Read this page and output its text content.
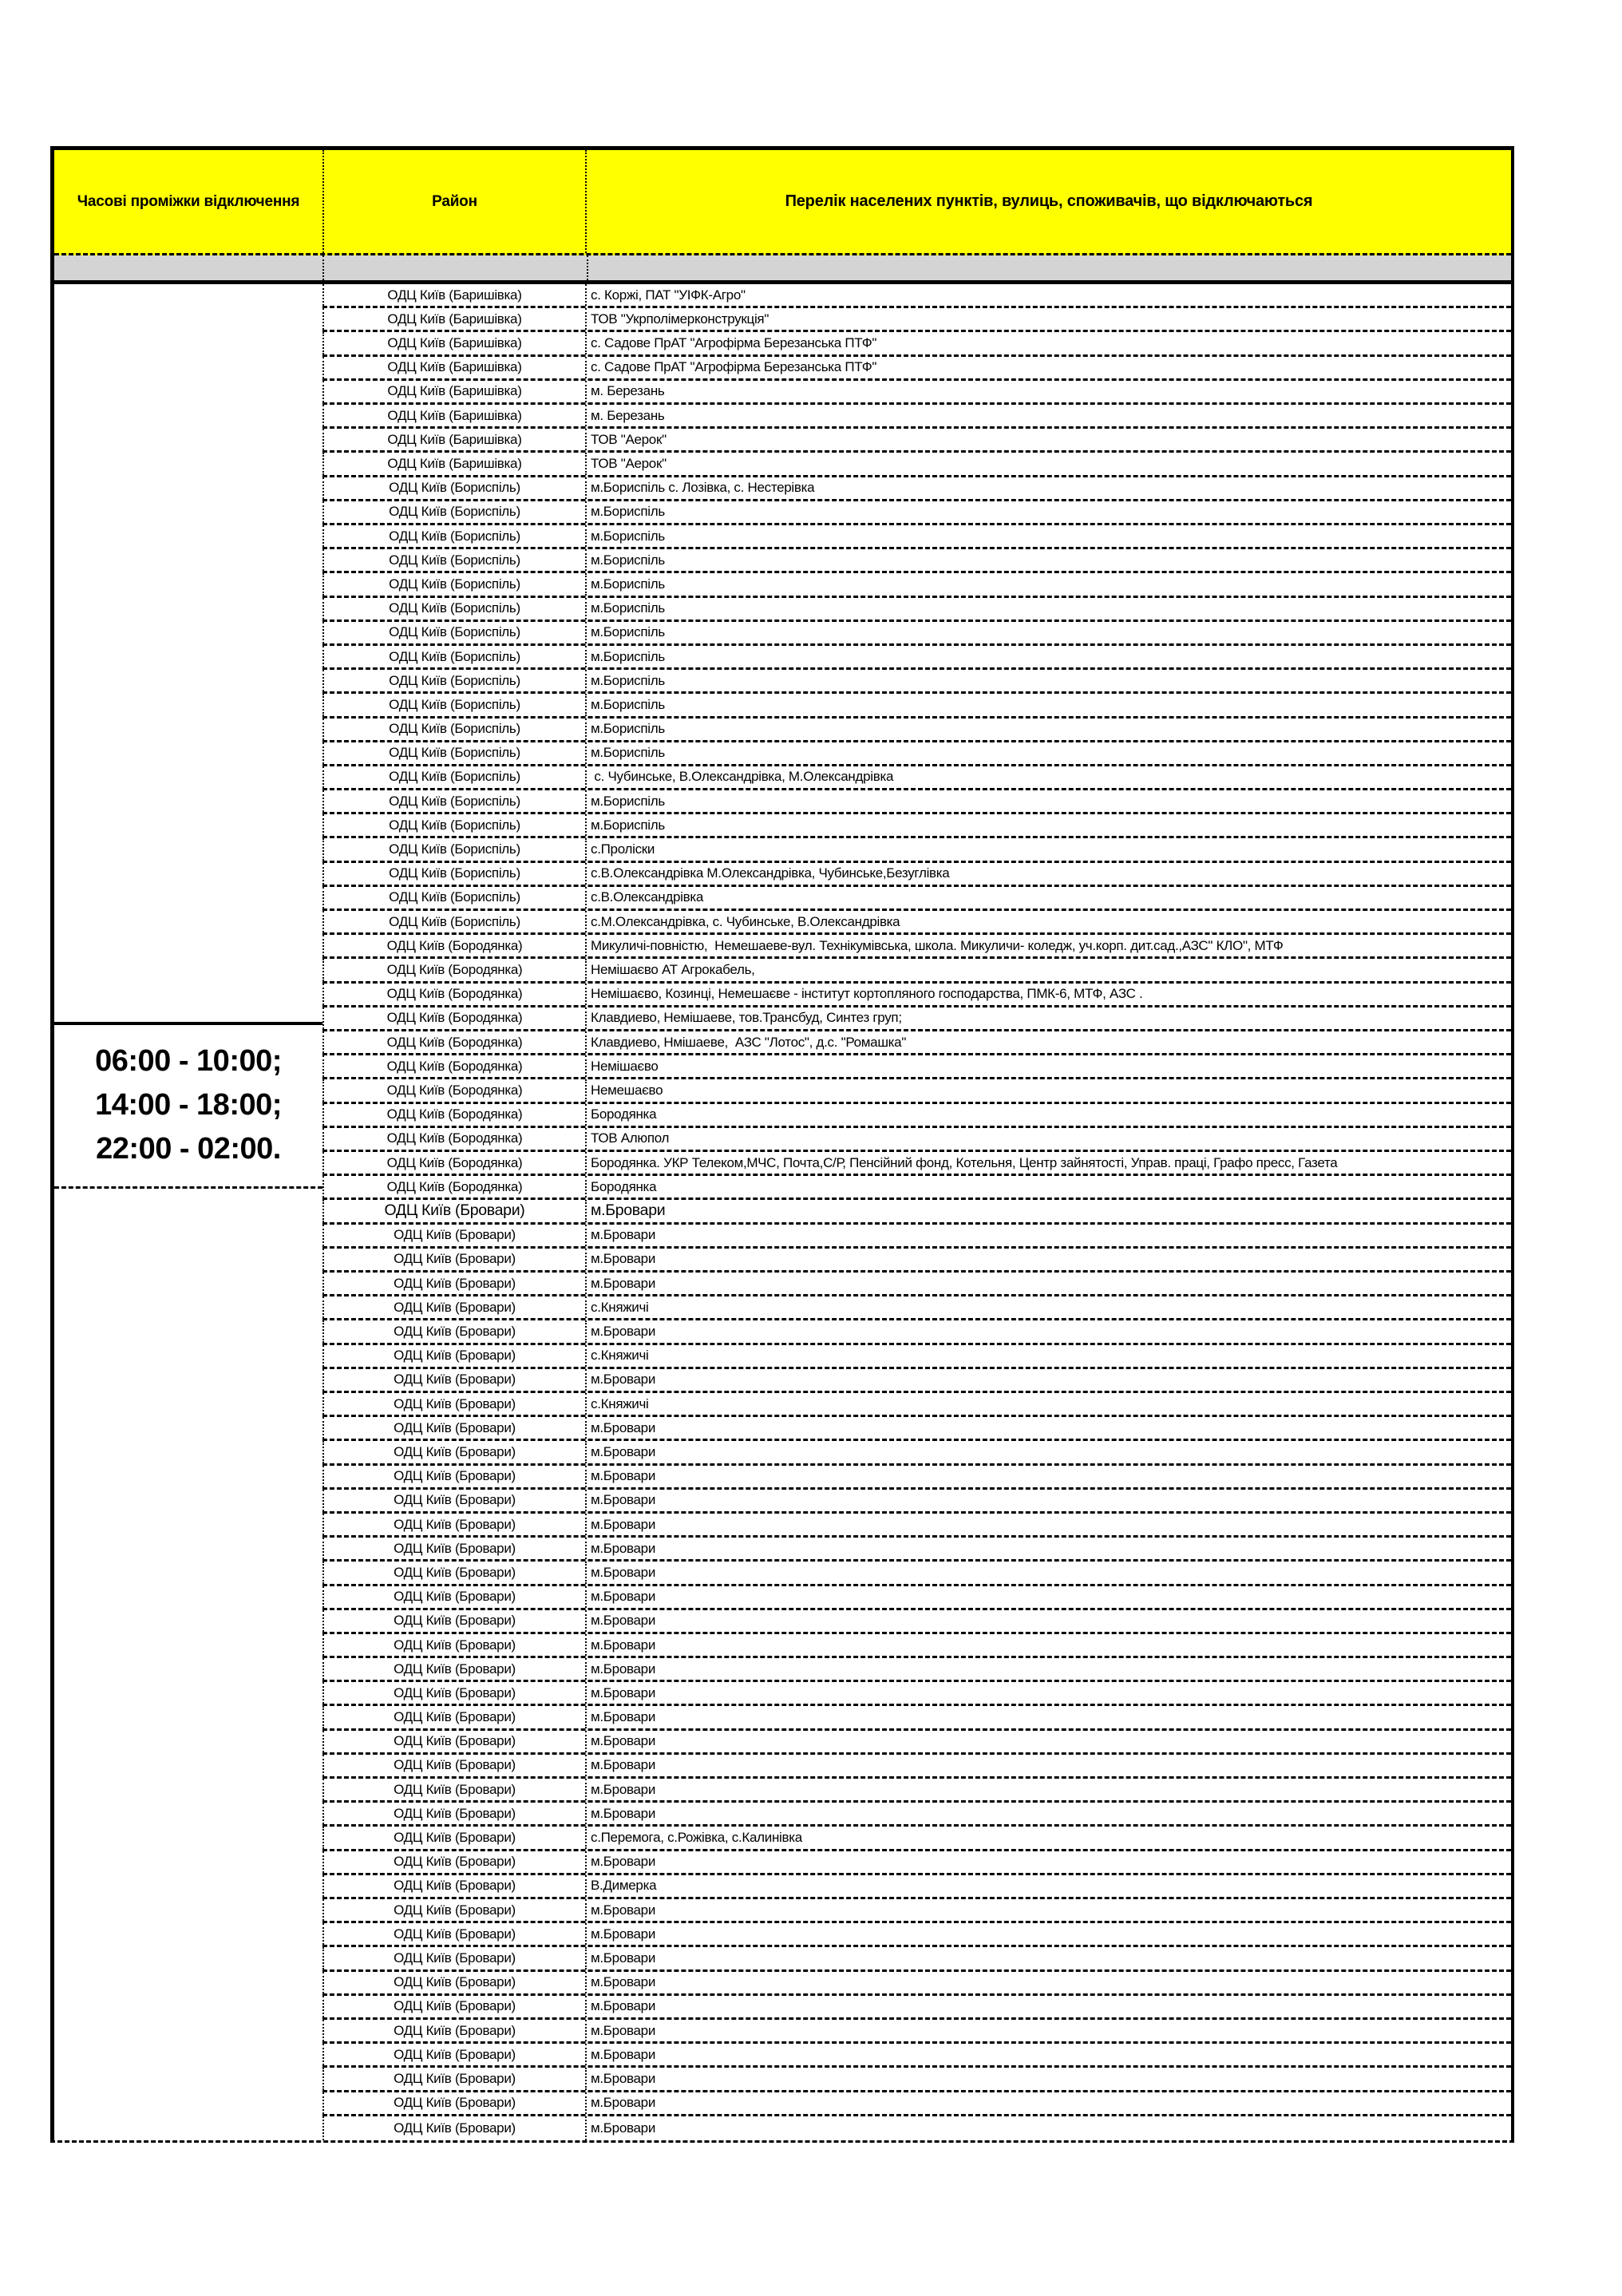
Часові проміжки відключення	Район	Перелік населених пунктів, вулиць, споживачів, що відключаються
06:00 - 10:00;
14:00 - 18:00;
22:00 - 02:00.
ОДЦ Київ (Баришівка)	с. Коржі, ПАТ "УІФК-Агро"
ОДЦ Київ (Баришівка)	ТОВ "Укрполімерконструкція"
ОДЦ Київ (Баришівка)	с. Садове ПрАТ "Агрофірма Березанська ПТФ"
ОДЦ Київ (Баришівка)	с. Садове ПрАТ "Агрофірма Березанська ПТФ"
ОДЦ Київ (Баришівка)	м. Березань
ОДЦ Київ (Баришівка)	м. Березань
ОДЦ Київ (Баришівка)	ТОВ "Аерок"
ОДЦ Київ (Баришівка)	ТОВ "Аерок"
ОДЦ Київ (Бориспіль)	м.Бориспіль с. Лозівка, с. Нестерівка
ОДЦ Київ (Бориспіль)	м.Бориспіль
ОДЦ Київ (Бориспіль)	м.Бориспіль
ОДЦ Київ (Бориспіль)	м.Бориспіль
ОДЦ Київ (Бориспіль)	м.Бориспіль
ОДЦ Київ (Бориспіль)	м.Бориспіль
ОДЦ Київ (Бориспіль)	м.Бориспіль
ОДЦ Київ (Бориспіль)	м.Бориспіль
ОДЦ Київ (Бориспіль)	м.Бориспіль
ОДЦ Київ (Бориспіль)	м.Бориспіль
ОДЦ Київ (Бориспіль)	м.Бориспіль
ОДЦ Київ (Бориспіль)	м.Бориспіль
ОДЦ Київ (Бориспіль)	с. Чубинське, В.Олександрівка, М.Олександрівка
ОДЦ Київ (Бориспіль)	м.Бориспіль
ОДЦ Київ (Бориспіль)	м.Бориспіль
ОДЦ Київ (Бориспіль)	с.Проліски
ОДЦ Київ (Бориспіль)	с.В.Олександрівка М.Олександрівка, Чубинське,Безуглівка
ОДЦ Київ (Бориспіль)	с.В.Олександрівка
ОДЦ Київ (Бориспіль)	с.М.Олександрівка, с. Чубинське, В.Олександрівка
ОДЦ Київ (Бородянка)	Микуличі-повністю,  Немешаеве-вул. Технікумівська, школа. Микуличи- коледж, уч.корп. дит.сад.,АЗС" КЛО", МТФ
ОДЦ Київ (Бородянка)	Немішаєво АТ Агрокабель,
ОДЦ Київ (Бородянка)	Немішаєво, Козинці, Немешаєве - інститут кортопляного господарства, ПМК-6, МТФ, АЗС .
ОДЦ Київ (Бородянка)	Клавдиево, Немішаеве, тов.Трансбуд, Синтез груп;
ОДЦ Київ (Бородянка)	Клавдиево, Нмішаеве,  АЗС "Лотос", д.с. "Ромашка"
ОДЦ Київ (Бородянка)	Немішаєво
ОДЦ Київ (Бородянка)	Немешаєво
ОДЦ Київ (Бородянка)	Бородянка
ОДЦ Київ (Бородянка)	ТОВ Алюпол
ОДЦ Київ (Бородянка)	Бородянка. УКР Телеком,МЧС, Почта,С/Р, Пенсійний фонд, Котельня, Центр зайнятості, Управ. праці, Графо пресс, Газета
ОДЦ Київ (Бородянка)	Бородянка
ОДЦ Київ (Бровари)	м.Бровари
ОДЦ Київ (Бровари)	м.Бровари
ОДЦ Київ (Бровари)	м.Бровари
ОДЦ Київ (Бровари)	м.Бровари
ОДЦ Київ (Бровари)	с.Княжичі
ОДЦ Київ (Бровари)	м.Бровари
ОДЦ Київ (Бровари)	с.Княжичі
ОДЦ Київ (Бровари)	м.Бровари
ОДЦ Київ (Бровари)	с.Княжичі
ОДЦ Київ (Бровари)	м.Бровари
ОДЦ Київ (Бровари)	м.Бровари
ОДЦ Київ (Бровари)	м.Бровари
ОДЦ Київ (Бровари)	м.Бровари
ОДЦ Київ (Бровари)	м.Бровари
ОДЦ Київ (Бровари)	м.Бровари
ОДЦ Київ (Бровари)	м.Бровари
ОДЦ Київ (Бровари)	м.Бровари
ОДЦ Київ (Бровари)	м.Бровари
ОДЦ Київ (Бровари)	м.Бровари
ОДЦ Київ (Бровари)	м.Бровари
ОДЦ Київ (Бровари)	м.Бровари
ОДЦ Київ (Бровари)	м.Бровари
ОДЦ Київ (Бровари)	м.Бровари
ОДЦ Київ (Бровари)	м.Бровари
ОДЦ Київ (Бровари)	м.Бровари
ОДЦ Київ (Бровари)	м.Бровари
ОДЦ Київ (Бровари)	с.Перемога, с.Рожівка, с.Калинівка
ОДЦ Київ (Бровари)	м.Бровари
ОДЦ Київ (Бровари)	В.Димерка
ОДЦ Київ (Бровари)	м.Бровари
ОДЦ Київ (Бровари)	м.Бровари
ОДЦ Київ (Бровари)	м.Бровари
ОДЦ Київ (Бровари)	м.Бровари
ОДЦ Київ (Бровари)	м.Бровари
ОДЦ Київ (Бровари)	м.Бровари
ОДЦ Київ (Бровари)	м.Бровари
ОДЦ Київ (Бровари)	м.Бровари
ОДЦ Київ (Бровари)	м.Бровари
ОДЦ Київ (Бровари)	м.Бровари
